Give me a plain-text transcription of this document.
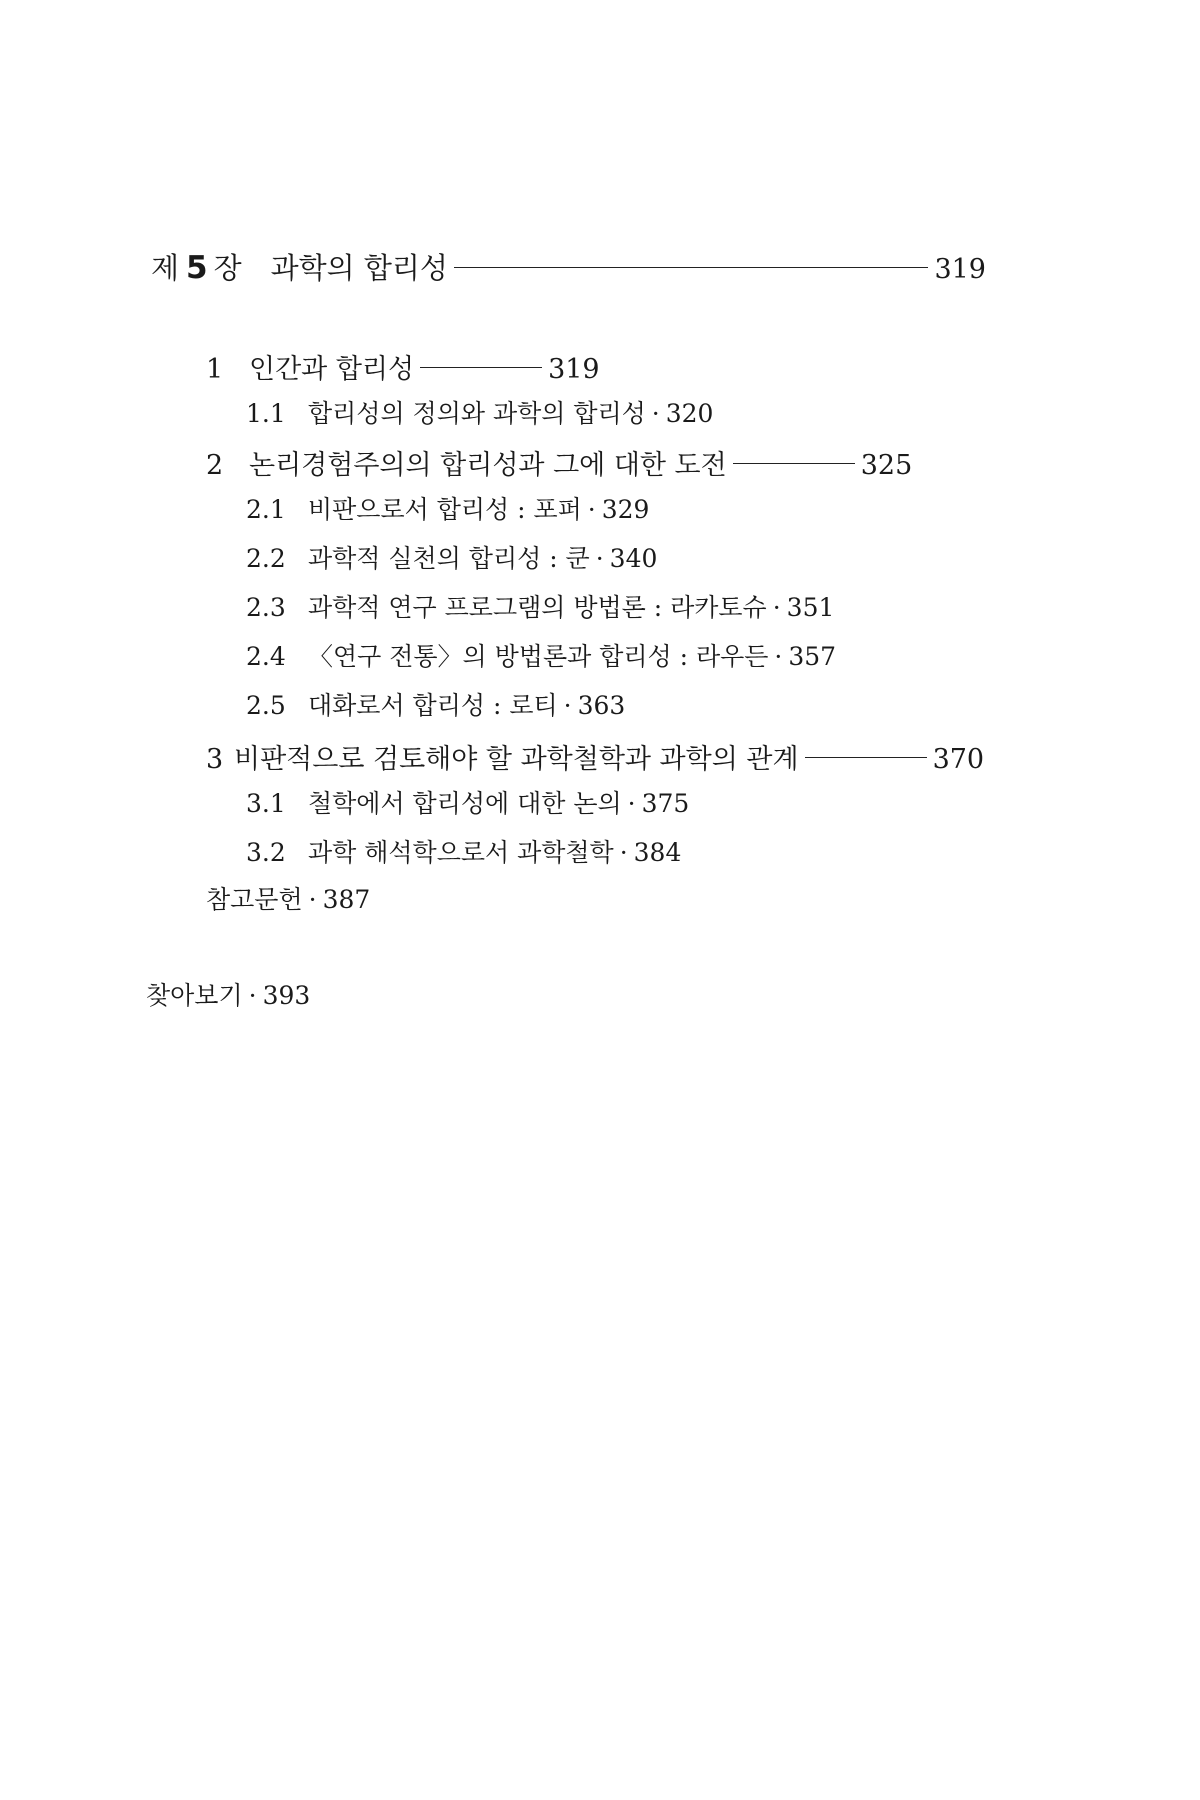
제 5 장 과학의 합리성	319
1 인간과 합리성	319
1.1 합리성의 정의와 과학의 합리성 · 320
2 논리경험주의의 합리성과 그에 대한 도전	325
2.1 비판으로서 합리성 : 포퍼 · 329
2.2 과학적 실천의 합리성 : 쿤 · 340
2.3 과학적 연구 프로그램의 방법론 : 라카토슈 · 351
2.4 〈연구 전통〉의 방법론과 합리성 : 라우든 · 357
2.5 대화로서 합리성 : 로티 · 363
3 비판적으로 검토해야 할 과학철학과 과학의 관계	370
3.1 철학에서 합리성에 대한 논의 · 375
3.2 과학 해석학으로서 과학철학 · 384
참고문헌 · 387
찾아보기 · 393
